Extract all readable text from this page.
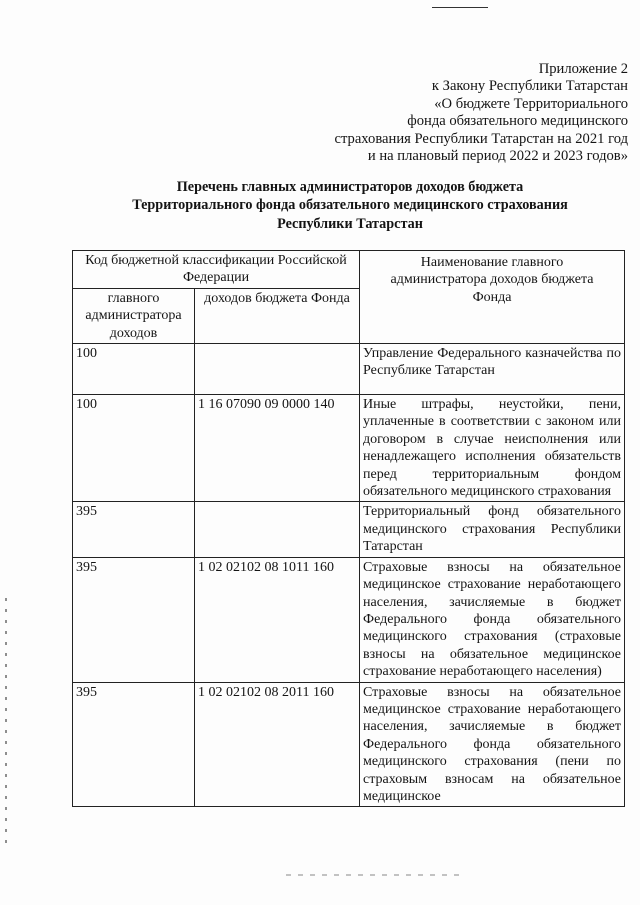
Приложение 2
к Закону Республики Татарстан
«О бюджете Территориального
фонда обязательного медицинского
страхования Республики Татарстан на 2021 год
и на плановый период 2022 и 2023 годов»
Перечень главных администраторов доходов бюджета
Территориального фонда обязательного медицинского страхования
Республики Татарстан
Код бюджетной классификации Российской Федерации		Наименование главного администратора доходов бюджета Фонда
главного администратора доходов	доходов бюджета Фонда	
100		Управление Федерального казначейства по Республике Татарстан
100	1 16 07090 09 0000 140	Иные штрафы, неустойки, пени, уплаченные в соответствии с законом или договором в случае неисполнения или ненадлежащего исполнения обязательств перед территориальным фондом обязательного медицинского страхования
395		Территориальный фонд обязательного медицинского страхования Республики Татарстан
395	1 02 02102 08 1011 160	Страховые взносы на обязательное медицинское страхование неработающего населения, зачисляемые в бюджет Федерального фонда обязательного медицинского страхования (страховые взносы на обязательное медицинское страхование неработающего населения)
395	1 02 02102 08 2011 160	Страховые взносы на обязательное медицинское страхование неработающего населения, зачисляемые в бюджет Федерального фонда обязательного медицинского страхования (пени по страховым взносам на обязательное медицинское
